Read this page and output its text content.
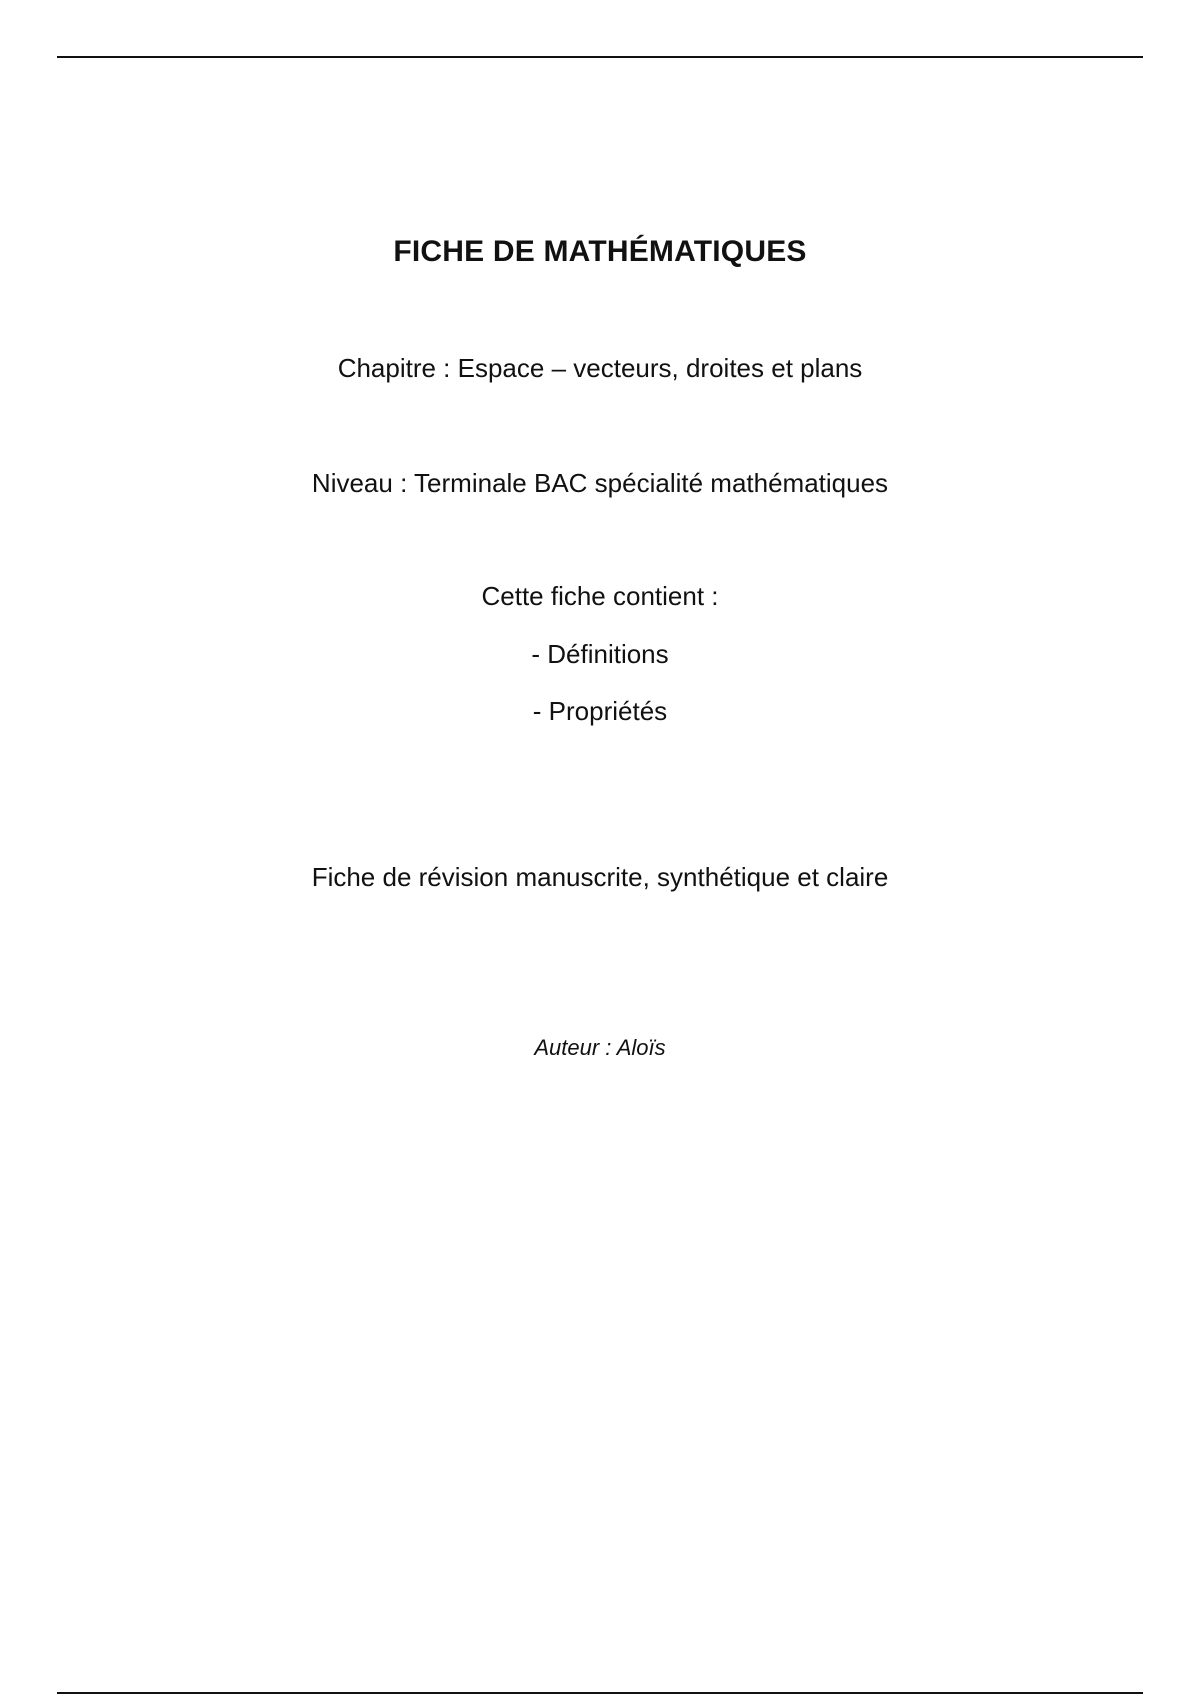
FICHE DE MATHÉMATIQUES
Chapitre : Espace – vecteurs, droites et plans
Niveau : Terminale BAC spécialité mathématiques
Cette fiche contient :
- Définitions
- Propriétés
Fiche de révision manuscrite, synthétique et claire
Auteur : Aloïs
